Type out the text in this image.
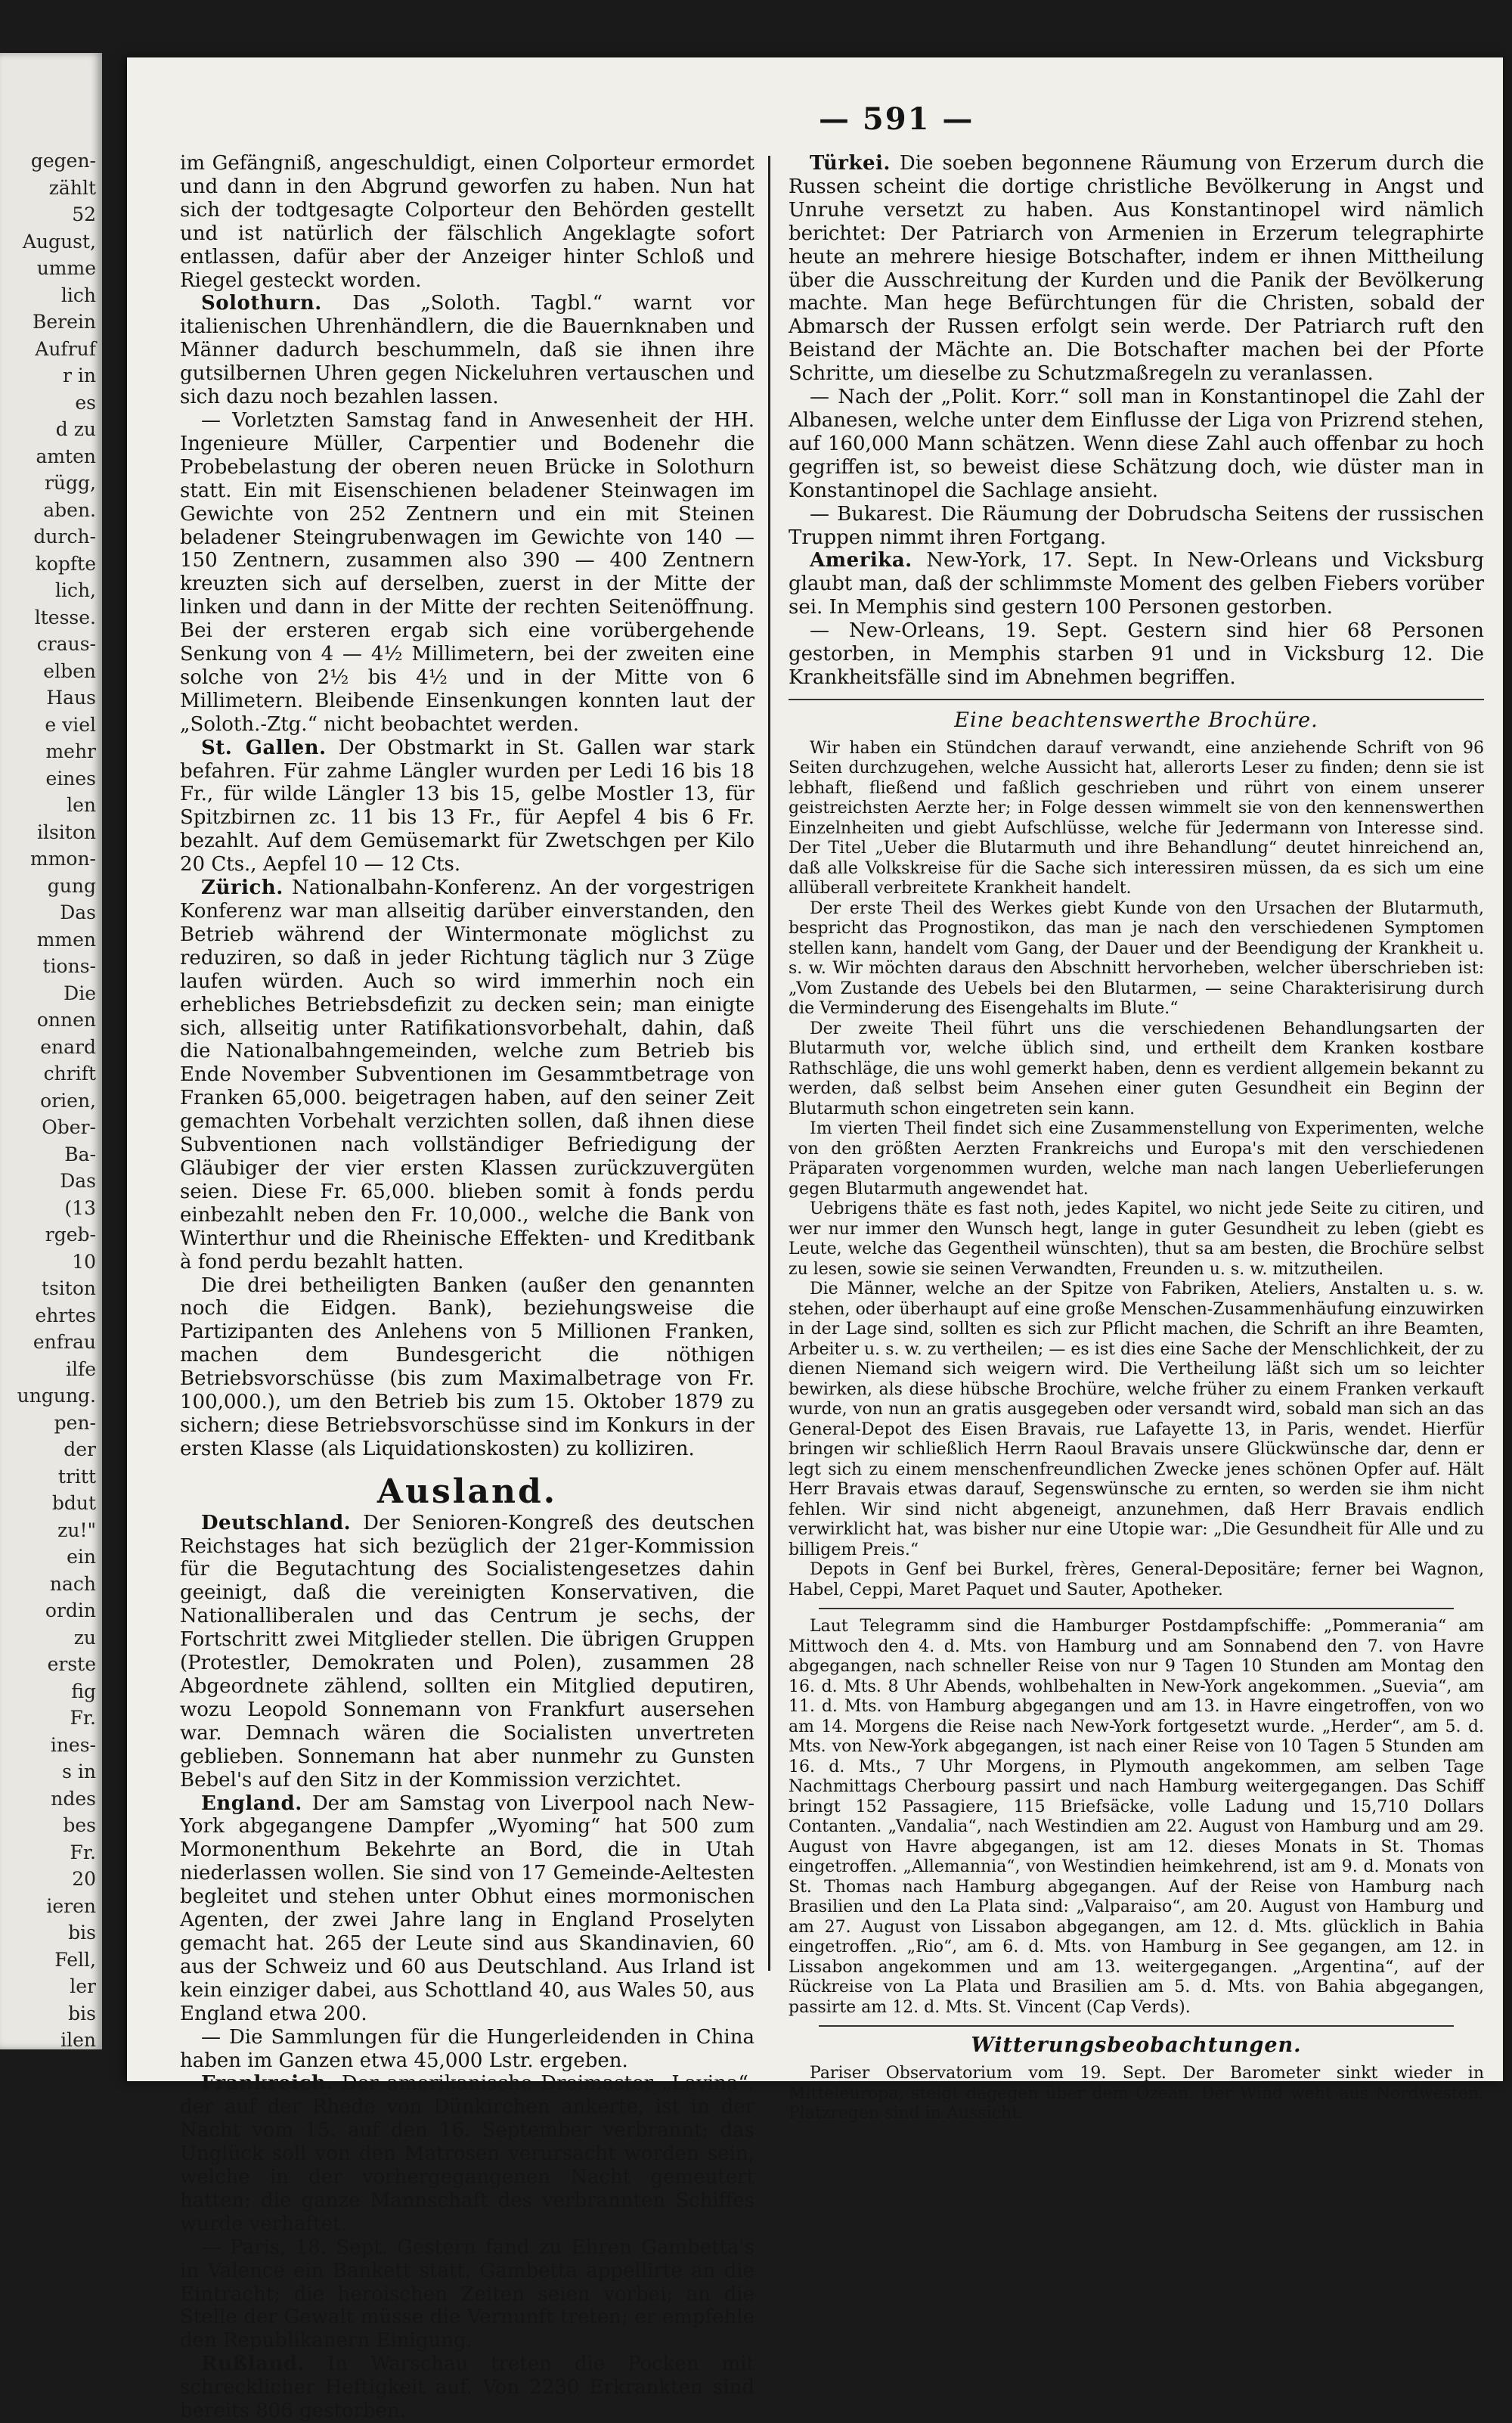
gegen-
zählt
52
August,
umme
lich
Berein
Aufruf
r in
es
d zu
amten
rügg,
aben.
durch-
kopfte
lich,
ltesse.
craus-
elben
Haus
e viel
mehr
eines
len
ilsiton
mmon-
gung
Das
mmen
tions-
Die
onnen
enard
chrift
orien,
Ober-
Ba-
Das
(13
rgeb-
10
tsiton
ehrtes
enfrau
ilfe
ungung.
pen-
der
tritt
bdut
zu!"
ein
nach
ordin
zu
erste
fig
Fr.
ines-
s in
ndes
bes
Fr.
20
ieren
bis
Fell,
ler
bis
ilen
— 591 —

im Gefängniß, angeschuldigt, einen Colporteur ermordet und dann in den Abgrund geworfen zu haben. Nun hat sich der todtgesagte Colporteur den Behörden gestellt und ist natürlich der fälschlich Angeklagte sofort entlassen, dafür aber der Anzeiger hinter Schloß und Riegel gesteckt worden.

Solothurn. Das „Soloth. Tagbl.“ warnt vor italienischen Uhrenhändlern, die die Bauernknaben und Männer dadurch beschummeln, daß sie ihnen ihre gutsilbernen Uhren gegen Nickeluhren vertauschen und sich dazu noch bezahlen lassen.

— Vorletzten Samstag fand in Anwesenheit der HH. Ingenieure Müller, Carpentier und Bodenehr die Probebelastung der oberen neuen Brücke in Solothurn statt. Ein mit Eisenschienen beladener Steinwagen im Gewichte von 252 Zentnern und ein mit Steinen beladener Steingrubenwagen im Gewichte von 140 — 150 Zentnern, zusammen also 390 — 400 Zentnern kreuzten sich auf derselben, zuerst in der Mitte der linken und dann in der Mitte der rechten Seitenöffnung. Bei der ersteren ergab sich eine vorübergehende Senkung von 4 — 4½ Millimetern, bei der zweiten eine solche von 2½ bis 4½ und in der Mitte von 6 Millimetern. Bleibende Einsenkungen konnten laut der „Soloth.-Ztg.“ nicht beobachtet werden.

St. Gallen. Der Obstmarkt in St. Gallen war stark befahren. Für zahme Längler wurden per Ledi 16 bis 18 Fr., für wilde Längler 13 bis 15, gelbe Mostler 13, für Spitzbirnen zc. 11 bis 13 Fr., für Aepfel 4 bis 6 Fr. bezahlt. Auf dem Gemüsemarkt für Zwetschgen per Kilo 20 Cts., Aepfel 10 — 12 Cts.

Zürich. Nationalbahn-Konferenz. An der vorgestrigen Konferenz war man allseitig darüber einverstanden, den Betrieb während der Wintermonate möglichst zu reduziren, so daß in jeder Richtung täglich nur 3 Züge laufen würden. Auch so wird immerhin noch ein erhebliches Betriebsdefizit zu decken sein; man einigte sich, allseitig unter Ratifikationsvorbehalt, dahin, daß die Nationalbahngemeinden, welche zum Betrieb bis Ende November Subventionen im Gesammtbetrage von Franken 65,000. beigetragen haben, auf den seiner Zeit gemachten Vorbehalt verzichten sollen, daß ihnen diese Subventionen nach vollständiger Befriedigung der Gläubiger der vier ersten Klassen zurückzuvergüten seien. Diese Fr. 65,000. blieben somit à fonds perdu einbezahlt neben den Fr. 10,000., welche die Bank von Winterthur und die Rheinische Effekten- und Kreditbank à fond perdu bezahlt hatten.

Die drei betheiligten Banken (außer den genannten noch die Eidgen. Bank), beziehungsweise die Partizipanten des Anlehens von 5 Millionen Franken, machen dem Bundesgericht die nöthigen Betriebsvorschüsse (bis zum Maximalbetrage von Fr. 100,000.), um den Betrieb bis zum 15. Oktober 1879 zu sichern; diese Betriebsvorschüsse sind im Konkurs in der ersten Klasse (als Liquidationskosten) zu kolliziren.

Ausland.

Deutschland. Der Senioren-Kongreß des deutschen Reichstages hat sich bezüglich der 21ger-Kommission für die Begutachtung des Socialistengesetzes dahin geeinigt, daß die vereinigten Konservativen, die Nationalliberalen und das Centrum je sechs, der Fortschritt zwei Mitglieder stellen. Die übrigen Gruppen (Protestler, Demokraten und Polen), zusammen 28 Abgeordnete zählend, sollten ein Mitglied deputiren, wozu Leopold Sonnemann von Frankfurt ausersehen war. Demnach wären die Socialisten unvertreten geblieben. Sonnemann hat aber nunmehr zu Gunsten Bebel's auf den Sitz in der Kommission verzichtet.

England. Der am Samstag von Liverpool nach New-York abgegangene Dampfer „Wyoming“ hat 500 zum Mormonenthum Bekehrte an Bord, die in Utah niederlassen wollen. Sie sind von 17 Gemeinde-Aeltesten begleitet und stehen unter Obhut eines mormonischen Agenten, der zwei Jahre lang in England Proselyten gemacht hat. 265 der Leute sind aus Skandinavien, 60 aus der Schweiz und 60 aus Deutschland. Aus Irland ist kein einziger dabei, aus Schottland 40, aus Wales 50, aus England etwa 200.

— Die Sammlungen für die Hungerleidenden in China haben im Ganzen etwa 45,000 Lstr. ergeben.

Frankreich. Der amerikanische Dreimaster „Lavina“, der auf der Rhede von Dünkirchen ankerte, ist in der Nacht vom 15. auf den 16. September verbrannt; das Unglück soll von den Matrosen verursacht worden sein, welche in der vorhergegangenen Nacht gemeutert hatten; die ganze Mannschaft des verbrannten Schiffes wurde verhaftet.

— Paris, 18. Sept. Gestern fand zu Ehren Gambetta's in Valence ein Bankett statt. Gambetta appellirte an die Eintracht; die heroischen Zeiten seien vorbei; an die Stelle der Gewalt müsse die Vernunft treten; er empfehle den Republikanern Einigung.

Rußland. In Warschau treten die Pocken mit schrecklicher Heftigkeit auf. Von 2230 Erkrankten sind bereits 806 gestorben.

Türkei. Die soeben begonnene Räumung von Erzerum durch die Russen scheint die dortige christliche Bevölkerung in Angst und Unruhe versetzt zu haben. Aus Konstantinopel wird nämlich berichtet: Der Patriarch von Armenien in Erzerum telegraphirte heute an mehrere hiesige Botschafter, indem er ihnen Mittheilung über die Ausschreitung der Kurden und die Panik der Bevölkerung machte. Man hege Befürchtungen für die Christen, sobald der Abmarsch der Russen erfolgt sein werde. Der Patriarch ruft den Beistand der Mächte an. Die Botschafter machen bei der Pforte Schritte, um dieselbe zu Schutzmaßregeln zu veranlassen.

— Nach der „Polit. Korr.“ soll man in Konstantinopel die Zahl der Albanesen, welche unter dem Einflusse der Liga von Prizrend stehen, auf 160,000 Mann schätzen. Wenn diese Zahl auch offenbar zu hoch gegriffen ist, so beweist diese Schätzung doch, wie düster man in Konstantinopel die Sachlage ansieht.

— Bukarest. Die Räumung der Dobrudscha Seitens der russischen Truppen nimmt ihren Fortgang.

Amerika. New-York, 17. Sept. In New-Orleans und Vicksburg glaubt man, daß der schlimmste Moment des gelben Fiebers vorüber sei. In Memphis sind gestern 100 Personen gestorben.

— New-Orleans, 19. Sept. Gestern sind hier 68 Personen gestorben, in Memphis starben 91 und in Vicksburg 12. Die Krankheitsfälle sind im Abnehmen begriffen.

Eine beachtenswerthe Brochüre.

Wir haben ein Stündchen darauf verwandt, eine anziehende Schrift von 96 Seiten durchzugehen, welche Aussicht hat, allerorts Leser zu finden; denn sie ist lebhaft, fließend und faßlich geschrieben und rührt von einem unserer geistreichsten Aerzte her; in Folge dessen wimmelt sie von den kennenswerthen Einzelnheiten und giebt Aufschlüsse, welche für Jedermann von Interesse sind. Der Titel „Ueber die Blutarmuth und ihre Behandlung“ deutet hinreichend an, daß alle Volkskreise für die Sache sich interessiren müssen, da es sich um eine allüberall verbreitete Krankheit handelt.

Der erste Theil des Werkes giebt Kunde von den Ursachen der Blutarmuth, bespricht das Prognostikon, das man je nach den verschiedenen Symptomen stellen kann, handelt vom Gang, der Dauer und der Beendigung der Krankheit u. s. w. Wir möchten daraus den Abschnitt hervorheben, welcher überschrieben ist: „Vom Zustande des Uebels bei den Blutarmen, — seine Charakterisirung durch die Verminderung des Eisengehalts im Blute.“

Der zweite Theil führt uns die verschiedenen Behandlungsarten der Blutarmuth vor, welche üblich sind, und ertheilt dem Kranken kostbare Rathschläge, die uns wohl gemerkt haben, denn es verdient allgemein bekannt zu werden, daß selbst beim Ansehen einer guten Gesundheit ein Beginn der Blutarmuth schon eingetreten sein kann.

Im vierten Theil findet sich eine Zusammenstellung von Experimenten, welche von den größten Aerzten Frankreichs und Europa's mit den verschiedenen Präparaten vorgenommen wurden, welche man nach langen Ueberlieferungen gegen Blutarmuth angewendet hat.

Uebrigens thäte es fast noth, jedes Kapitel, wo nicht jede Seite zu citiren, und wer nur immer den Wunsch hegt, lange in guter Gesundheit zu leben (giebt es Leute, welche das Gegentheil wünschten), thut sa am besten, die Brochüre selbst zu lesen, sowie sie seinen Verwandten, Freunden u. s. w. mitzutheilen.

Die Männer, welche an der Spitze von Fabriken, Ateliers, Anstalten u. s. w. stehen, oder überhaupt auf eine große Menschen-Zusammenhäufung einzuwirken in der Lage sind, sollten es sich zur Pflicht machen, die Schrift an ihre Beamten, Arbeiter u. s. w. zu vertheilen; — es ist dies eine Sache der Menschlichkeit, der zu dienen Niemand sich weigern wird. Die Vertheilung läßt sich um so leichter bewirken, als diese hübsche Brochüre, welche früher zu einem Franken verkauft wurde, von nun an gratis ausgegeben oder versandt wird, sobald man sich an das General-Depot des Eisen Bravais, rue Lafayette 13, in Paris, wendet. Hierfür bringen wir schließlich Herrn Raoul Bravais unsere Glückwünsche dar, denn er legt sich zu einem menschenfreundlichen Zwecke jenes schönen Opfer auf. Hält Herr Bravais etwas darauf, Segenswünsche zu ernten, so werden sie ihm nicht fehlen. Wir sind nicht abgeneigt, anzunehmen, daß Herr Bravais endlich verwirklicht hat, was bisher nur eine Utopie war: „Die Gesundheit für Alle und zu billigem Preis.“

Depots in Genf bei Burkel, frères, General-Depositäre; ferner bei Wagnon, Habel, Ceppi, Maret Paquet und Sauter, Apotheker.

Laut Telegramm sind die Hamburger Postdampfschiffe: „Pommerania“ am Mittwoch den 4. d. Mts. von Hamburg und am Sonnabend den 7. von Havre abgegangen, nach schneller Reise von nur 9 Tagen 10 Stunden am Montag den 16. d. Mts. 8 Uhr Abends, wohlbehalten in New-York angekommen. „Suevia“, am 11. d. Mts. von Hamburg abgegangen und am 13. in Havre eingetroffen, von wo am 14. Morgens die Reise nach New-York fortgesetzt wurde. „Herder“, am 5. d. Mts. von New-York abgegangen, ist nach einer Reise von 10 Tagen 5 Stunden am 16. d. Mts., 7 Uhr Morgens, in Plymouth angekommen, am selben Tage Nachmittags Cherbourg passirt und nach Hamburg weitergegangen. Das Schiff bringt 152 Passagiere, 115 Briefsäcke, volle Ladung und 15,710 Dollars Contanten. „Vandalia“, nach Westindien am 22. August von Hamburg und am 29. August von Havre abgegangen, ist am 12. dieses Monats in St. Thomas eingetroffen. „Allemannia“, von Westindien heimkehrend, ist am 9. d. Monats von St. Thomas nach Hamburg abgegangen. Auf der Reise von Hamburg nach Brasilien und den La Plata sind: „Valparaiso“, am 20. August von Hamburg und am 27. August von Lissabon abgegangen, am 12. d. Mts. glücklich in Bahia eingetroffen. „Rio“, am 6. d. Mts. von Hamburg in See gegangen, am 12. in Lissabon angekommen und am 13. weitergegangen. „Argentina“, auf der Rückreise von La Plata und Brasilien am 5. d. Mts. von Bahia abgegangen, passirte am 12. d. Mts. St. Vincent (Cap Verds).

Witterungsbeobachtungen.

Pariser Observatorium vom 19. Sept. Der Barometer sinkt wieder in Mitteleuropa, steigt dagegen über dem Ozean. Der Wind weht aus Nordwesten. Platzregen sind in Aussicht.
